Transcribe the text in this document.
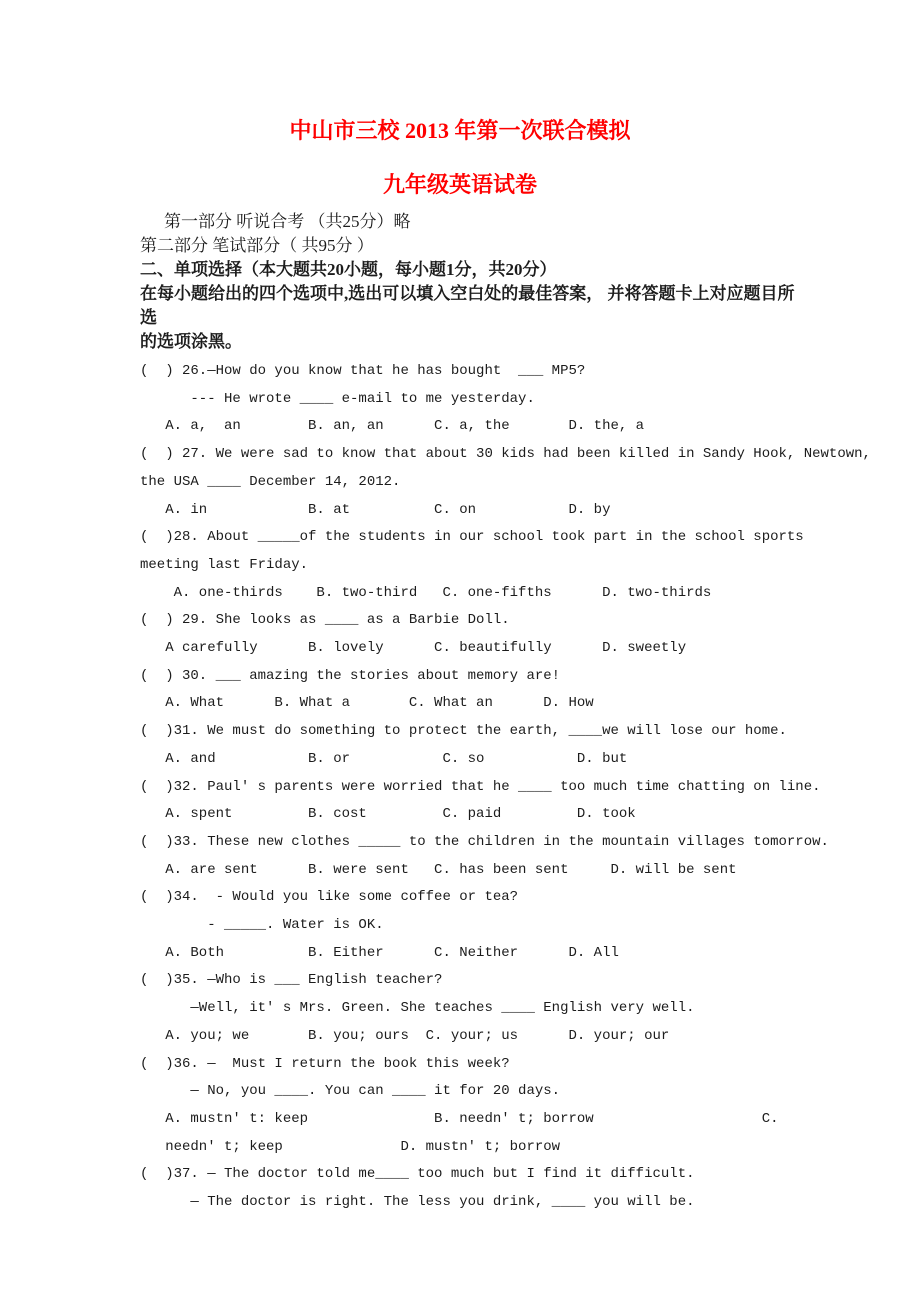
中山市三校 2013 年第一次联合模拟
九年级英语试卷
第一部分 听说合考 （共25分）略
第二部分 笔试部分（ 共95分 ）
二、单项选择（本大题共20小题，每小题1分，共20分）
在每小题给出的四个选项中,选出可以填入空白处的最佳答案， 并将答题卡上对应题目所选
的选项涂黑。
(  ) 26.—How do you know that he has bought  ___ MP5?
--- He wrote ____ e-mail to me yesterday.
A. a,  an        B. an, an      C. a, the       D. the, a
(  ) 27. We were sad to know that about 30 kids had been killed in Sandy Hook, Newtown,
the USA ____ December 14, 2012.
A. in            B. at          C. on           D. by
(  )28. About _____of the students in our school took part in the school sports
meeting last Friday.
A. one-thirds    B. two-third   C. one-fifths      D. two-thirds
(  ) 29. She looks as ____ as a Barbie Doll.
A carefully      B. lovely      C. beautifully      D. sweetly
(  ) 30. ___ amazing the stories about memory are!
A. What      B. What a       C. What an      D. How
(  )31. We must do something to protect the earth, ____we will lose our home.
A. and           B. or           C. so           D. but
(  )32. Paul' s parents were worried that he ____ too much time chatting on line.
A. spent         B. cost         C. paid         D. took
(  )33. These new clothes _____ to the children in the mountain villages tomorrow.
A. are sent      B. were sent   C. has been sent     D. will be sent
(  )34.  - Would you like some coffee or tea?
- _____. Water is OK.
A. Both          B. Either      C. Neither      D. All
(  )35. —Who is ___ English teacher?
—Well, it' s Mrs. Green. She teaches ____ English very well.
A. you; we       B. you; ours  C. your; us      D. your; our
(  )36. —  Must I return the book this week?
— No, you ____. You can ____ it for 20 days.
A. mustn' t: keep               B. needn' t; borrow                    C.
needn' t; keep              D. mustn' t; borrow
(  )37. — The doctor told me____ too much but I find it difficult.
— The doctor is right. The less you drink, ____ you will be.
